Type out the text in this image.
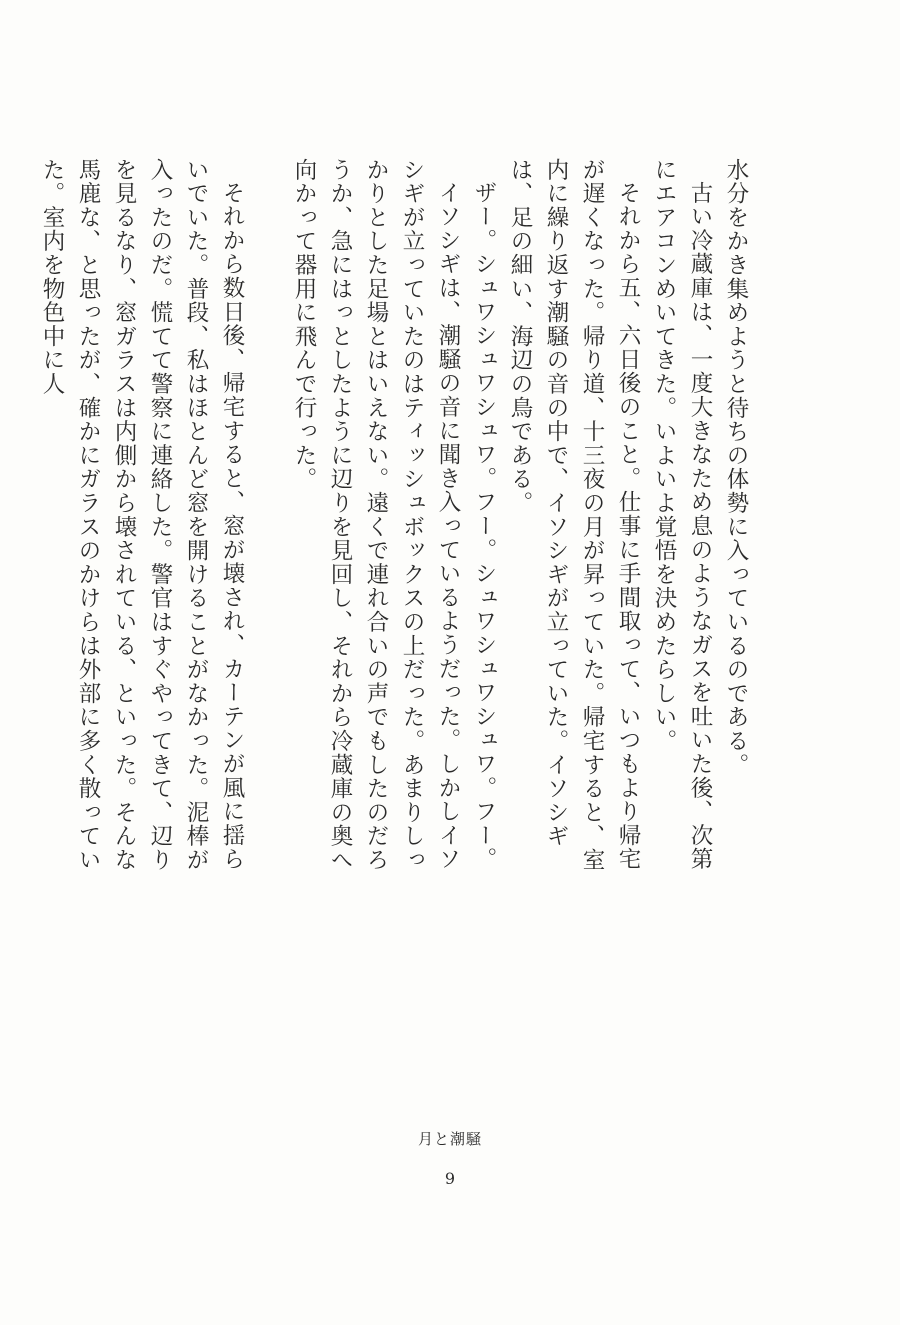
水分をかき集めようと待ちの体勢に入っているのである。

古い冷蔵庫は、一度大きなため息のようなガスを吐いた後、次第にエアコンめいてきた。いよいよ覚悟を決めたらしい。

それから五、六日後のこと。仕事に手間取って、いつもより帰宅が遅くなった。帰り道、十三夜の月が昇っていた。帰宅すると、室内に繰り返す潮騒の音の中で、イソシギが立っていた。イソシギは、足の細い、海辺の鳥である。

ザー。シュワシュワシュワ。フー。シュワシュワシュワ。フー。

イソシギは、潮騒の音に聞き入っているようだった。しかしイソシギが立っていたのはティッシュボックスの上だった。あまりしっかりとした足場とはいえない。遠くで連れ合いの声でもしたのだろうか、急にはっとしたように辺りを見回し、それから冷蔵庫の奥へ向かって器用に飛んで行った。

それから数日後、帰宅すると、窓が壊され、カーテンが風に揺らいでいた。普段、私はほとんど窓を開けることがなかった。泥棒が入ったのだ。慌てて警察に連絡した。警官はすぐやってきて、辺りを見るなり、窓ガラスは内側から壊されている、といった。そんな馬鹿な、と思ったが、確かにガラスのかけらは外部に多く散っていた。室内を物色中に人

月と潮騒
9
